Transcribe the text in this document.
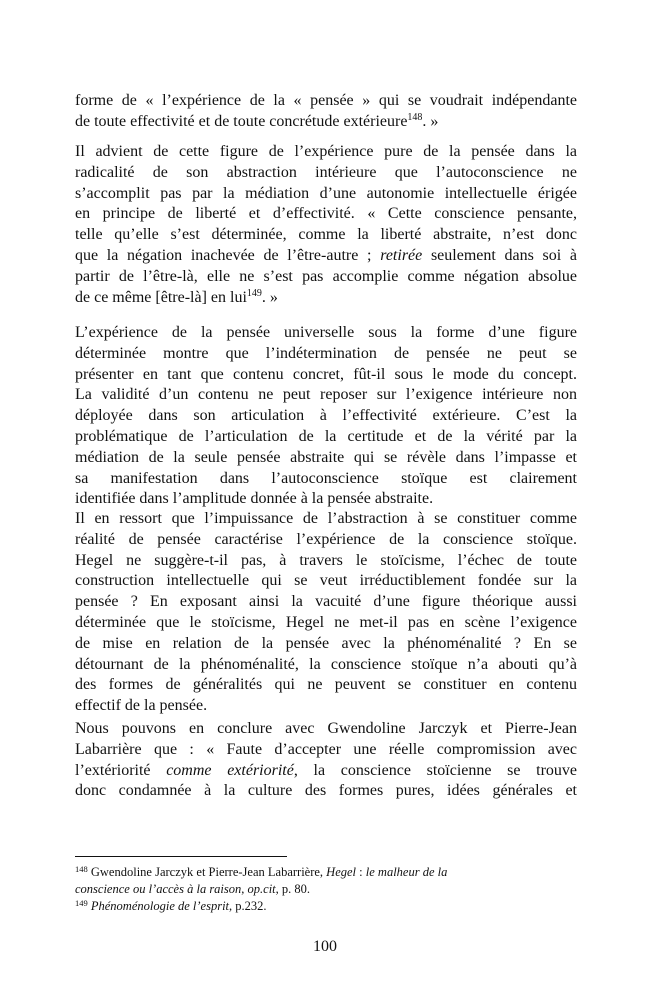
forme de « l’expérience de la « pensée » qui se voudrait indépendante
de toute effectivité et de toute concrétude extérieure$^{148}$. »
Il advient de cette figure de l’expérience pure de la pensée dans la
radicalité de son abstraction intérieure que l’autoconscience ne
s’accomplit pas par la médiation d’une autonomie intellectuelle érigée
en principe de liberté et d’effectivité. « Cette conscience pensante,
telle qu’elle s’est déterminée, comme la liberté abstraite, n’est donc
que la négation inachevée de l’être-autre ; retirée seulement dans soi à
partir de l’être-là, elle ne s’est pas accomplie comme négation absolue
de ce même [être-là] en lui$^{149}$. »
L’expérience de la pensée universelle sous la forme d’une figure
déterminée montre que l’indétermination de pensée ne peut se
présenter en tant que contenu concret, fût-il sous le mode du concept.
La validité d’un contenu ne peut reposer sur l’exigence intérieure non
déployée dans son articulation à l’effectivité extérieure. C’est la
problématique de l’articulation de la certitude et de la vérité par la
médiation de la seule pensée abstraite qui se révèle dans l’impasse et
sa manifestation dans l’autoconscience stoïque est clairement
identifiée dans l’amplitude donnée à la pensée abstraite.
Il en ressort que l’impuissance de l’abstraction à se constituer comme
réalité de pensée caractérise l’expérience de la conscience stoïque.
Hegel ne suggère-t-il pas, à travers le stoïcisme, l’échec de toute
construction intellectuelle qui se veut irréductiblement fondée sur la
pensée ? En exposant ainsi la vacuité d’une figure théorique aussi
déterminée que le stoïcisme, Hegel ne met-il pas en scène l’exigence
de mise en relation de la pensée avec la phénoménalité ? En se
détournant de la phénoménalité, la conscience stoïque n’a abouti qu’à
des formes de généralités qui ne peuvent se constituer en contenu
effectif de la pensée.
Nous pouvons en conclure avec Gwendoline Jarczyk et Pierre-Jean
Labarrière que : « Faute d’accepter une réelle compromission avec
l’extériorité comme extériorité, la conscience stoïcienne se trouve
donc condamnée à la culture des formes pures, idées générales et
$^{148}$ Gwendoline Jarczyk et Pierre-Jean Labarrière, Hegel : le malheur de la
conscience ou l’accès à la raison, op.cit, p. 80.
$^{149}$ Phénoménologie de l’esprit, p.232.
100
